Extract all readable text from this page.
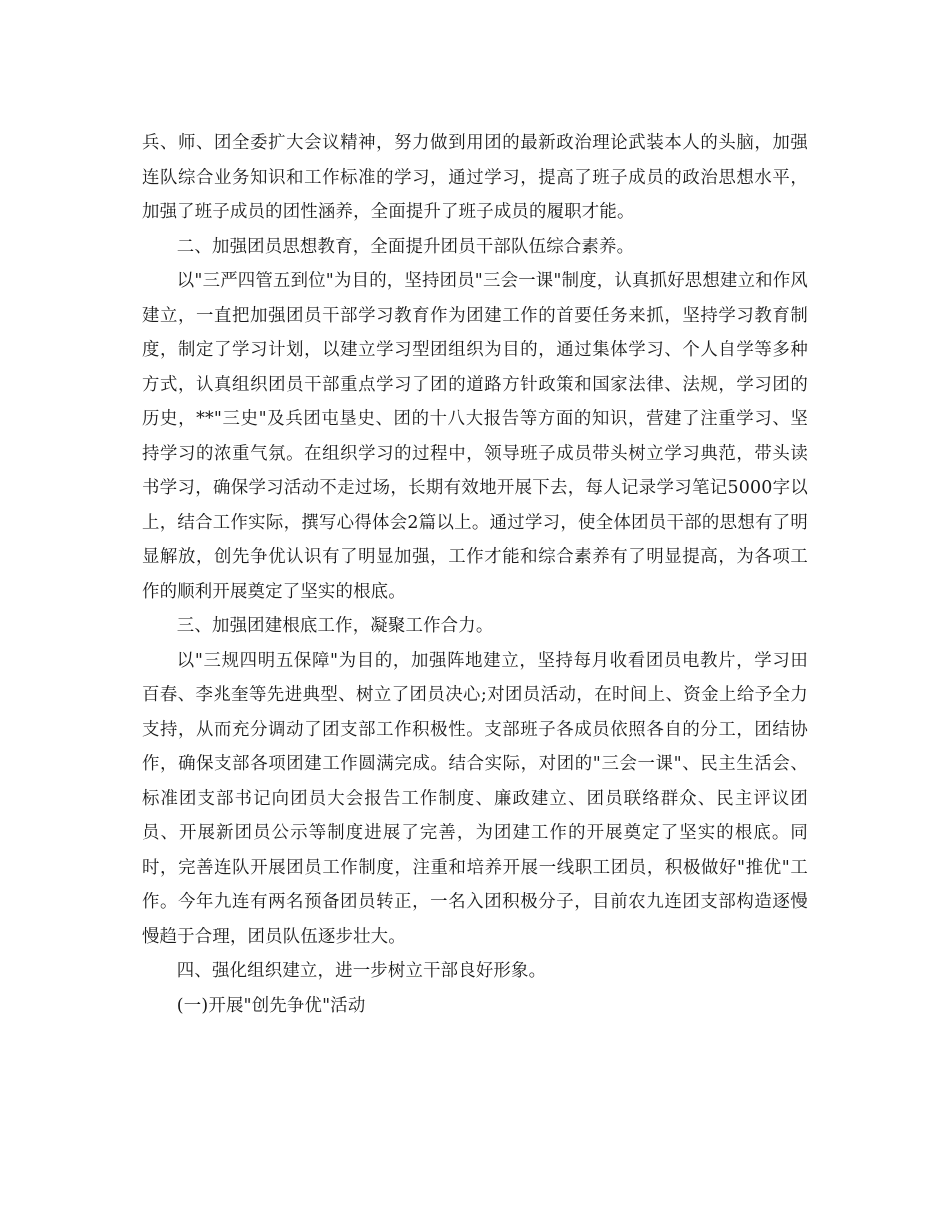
兵、师、团全委扩大会议精神，努力做到用团的最新政治理论武装本人的头脑，加强连队综合业务知识和工作标准的学习，通过学习，提高了班子成员的政治思想水平，加强了班子成员的团性涵养，全面提升了班子成员的履职才能。

二、加强团员思想教育，全面提升团员干部队伍综合素养。

以"三严四管五到位"为目的，坚持团员"三会一课"制度，认真抓好思想建立和作风建立，一直把加强团员干部学习教育作为团建工作的首要任务来抓，坚持学习教育制度，制定了学习计划，以建立学习型团组织为目的，通过集体学习、个人自学等多种方式，认真组织团员干部重点学习了团的道路方针政策和国家法律、法规，学习团的历史，**"三史"及兵团屯垦史、团的十八大报告等方面的知识，营建了注重学习、坚持学习的浓重气氛。在组织学习的过程中，领导班子成员带头树立学习典范，带头读书学习，确保学习活动不走过场，长期有效地开展下去，每人记录学习笔记5000字以上，结合工作实际，撰写心得体会2篇以上。通过学习，使全体团员干部的思想有了明显解放，创先争优认识有了明显加强，工作才能和综合素养有了明显提高，为各项工作的顺利开展奠定了坚实的根底。

三、加强团建根底工作，凝聚工作合力。

以"三规四明五保障"为目的，加强阵地建立，坚持每月收看团员电教片，学习田百春、李兆奎等先进典型、树立了团员决心;对团员活动，在时间上、资金上给予全力支持，从而充分调动了团支部工作积极性。支部班子各成员依照各自的分工，团结协作，确保支部各项团建工作圆满完成。结合实际，对团的"三会一课"、民主生活会、标准团支部书记向团员大会报告工作制度、廉政建立、团员联络群众、民主评议团员、开展新团员公示等制度进展了完善，为团建工作的开展奠定了坚实的根底。同时，完善连队开展团员工作制度，注重和培养开展一线职工团员，积极做好"推优"工作。今年九连有两名预备团员转正，一名入团积极分子，目前农九连团支部构造逐慢慢趋于合理，团员队伍逐步壮大。

四、强化组织建立，进一步树立干部良好形象。

(一)开展"创先争优"活动
